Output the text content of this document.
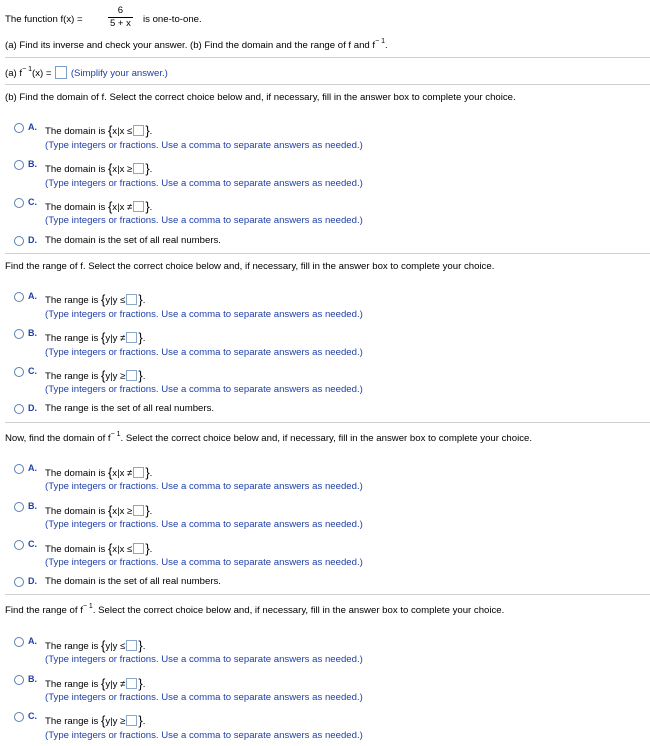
The function f(x) =	$\frac{6}{5 + x}$ is one-to-one.
(a) Find its inverse and check your answer. (b) Find the domain and the range of f and $f^{- 1}$.
(a) $f^{- 1}(x)$ = (Simplify your answer.)
(b) Find the domain of f. Select the correct choice below and, if necessary, fill in the answer box to complete your choice.
A. The domain is {x|x ≤ }.
(Type integers or fractions. Use a comma to separate answers as needed.)
B. The domain is {x|x ≥ }.
(Type integers or fractions. Use a comma to separate answers as needed.)
C. The domain is {x|x ≠ }.
(Type integers or fractions. Use a comma to separate answers as needed.)
D. The domain is the set of all real numbers.
Find the range of f. Select the correct choice below and, if necessary, fill in the answer box to complete your choice.
A. The range is {y|y ≤ }.
(Type integers or fractions. Use a comma to separate answers as needed.)
B. The range is {y|y ≠ }.
(Type integers or fractions. Use a comma to separate answers as needed.)
C. The range is {y|y ≥ }.
(Type integers or fractions. Use a comma to separate answers as needed.)
D. The range is the set of all real numbers.
Now, find the domain of $f^{- 1}$. Select the correct choice below and, if necessary, fill in the answer box to complete your choice.
A. The domain is {x|x ≠ }.
(Type integers or fractions. Use a comma to separate answers as needed.)
B. The domain is {x|x ≥ }.
(Type integers or fractions. Use a comma to separate answers as needed.)
C. The domain is {x|x ≤ }.
(Type integers or fractions. Use a comma to separate answers as needed.)
D. The domain is the set of all real numbers.
Find the range of $f^{- 1}$. Select the correct choice below and, if necessary, fill in the answer box to complete your choice.
A. The range is {y|y ≤ }.
(Type integers or fractions. Use a comma to separate answers as needed.)
B. The range is {y|y ≠ }.
(Type integers or fractions. Use a comma to separate answers as needed.)
C. The range is {y|y ≥ }.
(Type integers or fractions. Use a comma to separate answers as needed.)
